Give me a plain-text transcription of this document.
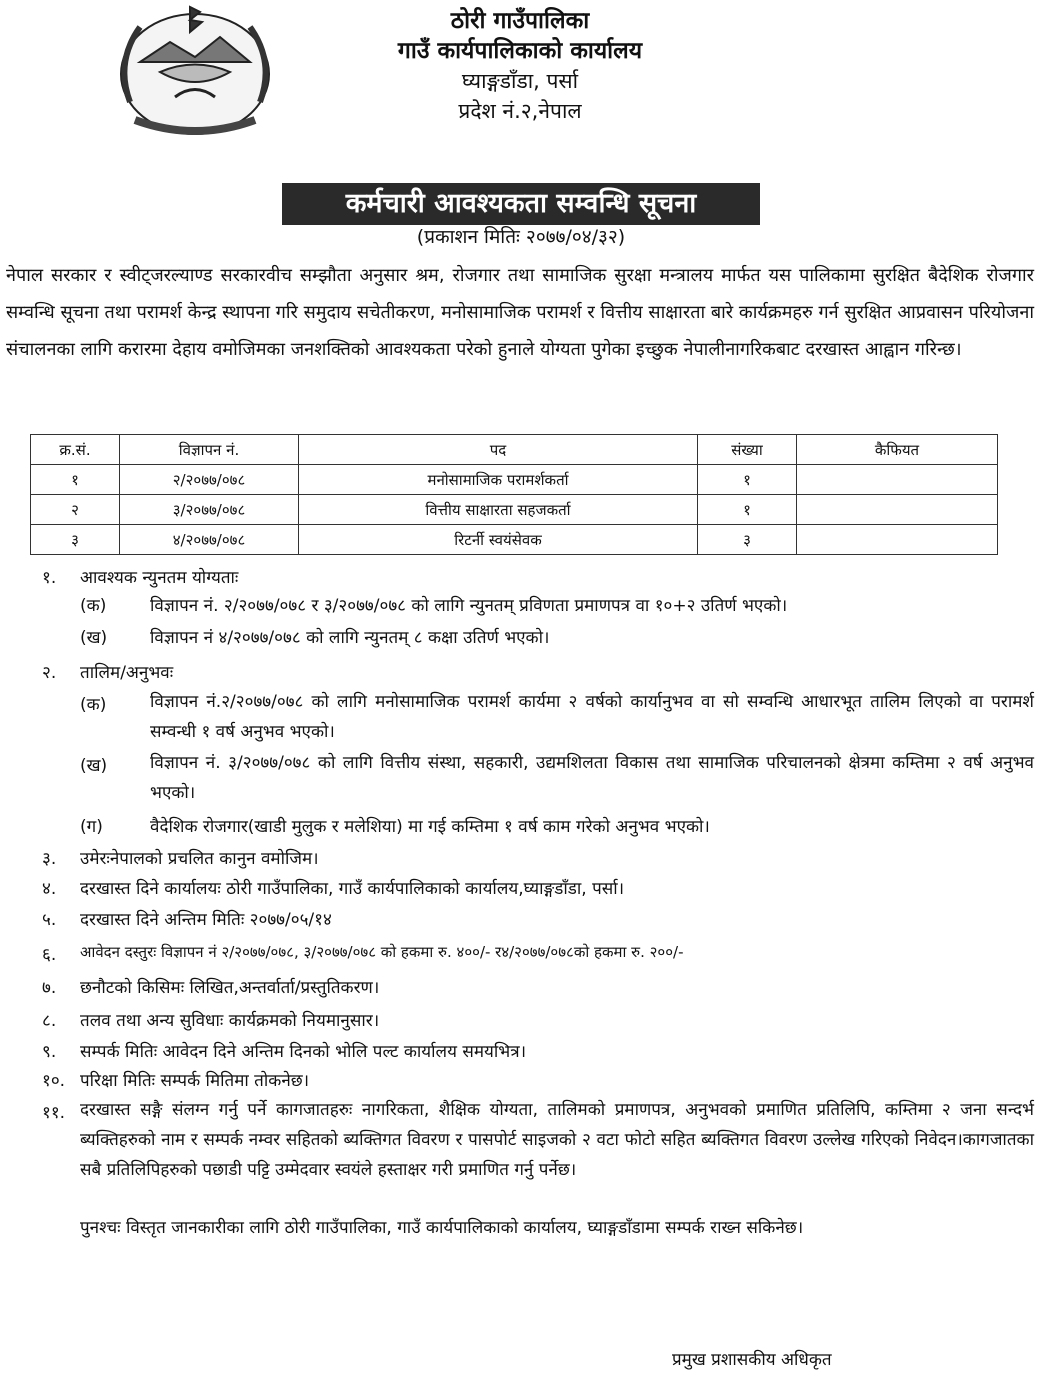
ठोरी गाउँपालिका
गाउँ कार्यपालिकाको कार्यालय
घ्याङ्गडाँडा, पर्सा
प्रदेश नं.२,नेपाल
कर्मचारी आवश्यकता सम्वन्धि सूचना
(प्रकाशन मितिः २०७७/०४/३२)
नेपाल सरकार र स्वीट्जरल्याण्ड सरकारवीच सम्झौता अनुसार श्रम, रोजगार तथा सामाजिक सुरक्षा मन्त्रालय मार्फत यस पालिकामा सुरक्षित बैदेशिक रोजगार सम्वन्धि सूचना तथा परामर्श केन्द्र स्थापना गरि समुदाय सचेतीकरण, मनोसामाजिक परामर्श र वित्तीय साक्षारता बारे कार्यक्रमहरु गर्न सुरक्षित आप्रवासन परियोजना संचालनका लागि करारमा देहाय वमोजिमका जनशक्तिको आवश्यकता परेको हुनाले योग्यता पुगेका इच्छुक नेपालीनागरिकबाट दरखास्त आह्वान गरिन्छ।
क्र.सं.	विज्ञापन नं.	पद	संख्या	कैफियत
१	२/२०७७/०७८	मनोसामाजिक परामर्शकर्ता	१	
२	३/२०७७/०७८	वित्तीय साक्षारता सहजकर्ता	१	
३	४/२०७७/०७८	रिटर्नी स्वयंसेवक	३	
१. आवश्यक न्युनतम योग्यताः
(क)	विज्ञापन नं. २/२०७७/०७८ र ३/२०७७/०७८ को लागि न्युनतम् प्रविणता प्रमाणपत्र वा १०+२ उतिर्ण भएको।
(ख)	विज्ञापन नं ४/२०७७/०७८ को लागि न्युनतम् ८ कक्षा उतिर्ण भएको।
२. तालिम/अनुभवः
(क)	विज्ञापन नं.२/२०७७/०७८ को लागि मनोसामाजिक परामर्श कार्यमा २ वर्षको कार्यानुभव वा सो सम्वन्धि आधारभूत तालिम लिएको वा परामर्श सम्वन्धी १ वर्ष अनुभव भएको।
(ख)	विज्ञापन नं. ३/२०७७/०७८ को लागि वित्तीय संस्था, सहकारी, उद्यमशिलता विकास तथा सामाजिक परिचालनको क्षेत्रमा कम्तिमा २ वर्ष अनुभव भएको।
(ग)	वैदेशिक रोजगार(खाडी मुलुक र मलेशिया) मा गई कम्तिमा १ वर्ष काम गरेको अनुभव भएको।
३. उमेरःनेपालको प्रचलित कानुन वमोजिम।
४. दरखास्त दिने कार्यालयः ठोरी गाउँपालिका, गाउँ कार्यपालिकाको कार्यालय,घ्याङ्गडाँडा, पर्सा।
५. दरखास्त दिने अन्तिम मितिः २०७७/०५/१४
६. आवेदन दस्तुरः विज्ञापन नं २/२०७७/०७८, ३/२०७७/०७८ को हकमा रु. ४००/- र४/२०७७/०७८को हकमा रु. २००/-
७. छनौटको किसिमः लिखित,अन्तर्वार्ता/प्रस्तुतिकरण।
८. तलव तथा अन्य सुविधाः कार्यक्रमको नियमानुसार।
९. सम्पर्क मितिः आवेदन दिने अन्तिम दिनको भोलि पल्ट कार्यालय समयभित्र।
१०. परिक्षा मितिः सम्पर्क मितिमा तोकनेछ।
११. दरखास्त सङ्गै संलग्न गर्नु पर्ने कागजातहरुः नागरिकता, शैक्षिक योग्यता, तालिमको प्रमाणपत्र, अनुभवको प्रमाणित प्रतिलिपि, कम्तिमा २ जना सन्दर्भ ब्यक्तिहरुको नाम र सम्पर्क नम्वर सहितको ब्यक्तिगत विवरण र पासपोर्ट साइजको २ वटा फोटो सहित ब्यक्तिगत विवरण उल्लेख गरिएको निवेदन।कागजातका सबै प्रतिलिपिहरुको पछाडी पट्टि उम्मेदवार स्वयंले हस्ताक्षर गरी प्रमाणित गर्नु पर्नेछ।
पुनश्चः विस्तृत जानकारीका लागि ठोरी गाउँपालिका, गाउँ कार्यपालिकाको कार्यालय, घ्याङ्गडाँडामा सम्पर्क राख्न सकिनेछ।
प्रमुख प्रशासकीय अधिकृत
